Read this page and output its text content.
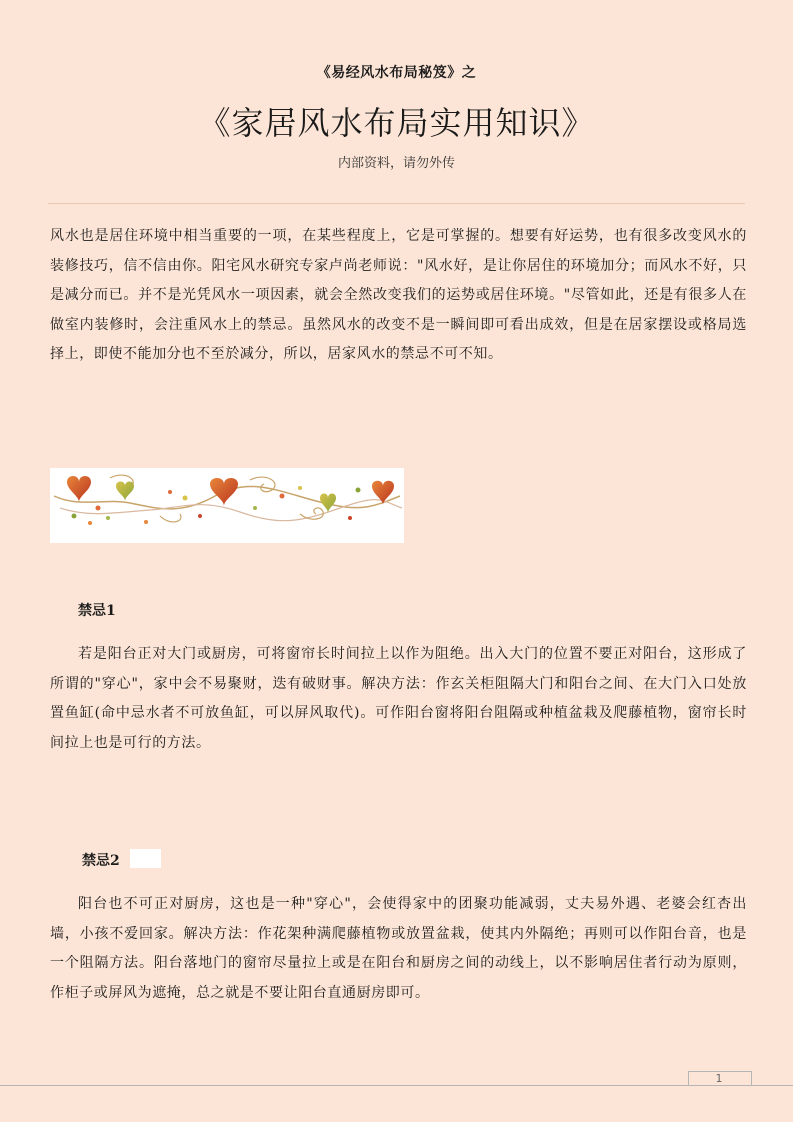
《易经风水布局秘笈》之
《家居风水布局实用知识》
内部资料，请勿外传
风水也是居住环境中相当重要的一项，在某些程度上，它是可掌握的。想要有好运势，也有很多改变风水的装修技巧，信不信由你。阳宅风水研究专家卢尚老师说："风水好，是让你居住的环境加分；而风水不好，只是减分而已。并不是光凭风水一项因素，就会全然改变我们的运势或居住环境。"尽管如此，还是有很多人在做室内装修时，会注重风水上的禁忌。虽然风水的改变不是一瞬间即可看出成效，但是在居家摆设或格局选择上，即使不能加分也不至於减分，所以，居家风水的禁忌不可不知。
禁忌1
若是阳台正对大门或厨房，可将窗帘长时间拉上以作为阻绝。出入大门的位置不要正对阳台，这形成了所谓的"穿心"，家中会不易聚财，迭有破财事。解决方法：作玄关柜阻隔大门和阳台之间、在大门入口处放置鱼缸(命中忌水者不可放鱼缸，可以屏风取代)。可作阳台窗将阳台阻隔或种植盆栽及爬藤植物，窗帘长时间拉上也是可行的方法。
禁忌2
阳台也不可正对厨房，这也是一种"穿心"，会使得家中的团聚功能减弱，丈夫易外遇、老婆会红杏出墙，小孩不爱回家。解决方法：作花架种满爬藤植物或放置盆栽，使其内外隔绝；再则可以作阳台音，也是一个阻隔方法。阳台落地门的窗帘尽量拉上或是在阳台和厨房之间的动线上，以不影响居住者行动为原则，作柜子或屏风为遮掩，总之就是不要让阳台直通厨房即可。
1
